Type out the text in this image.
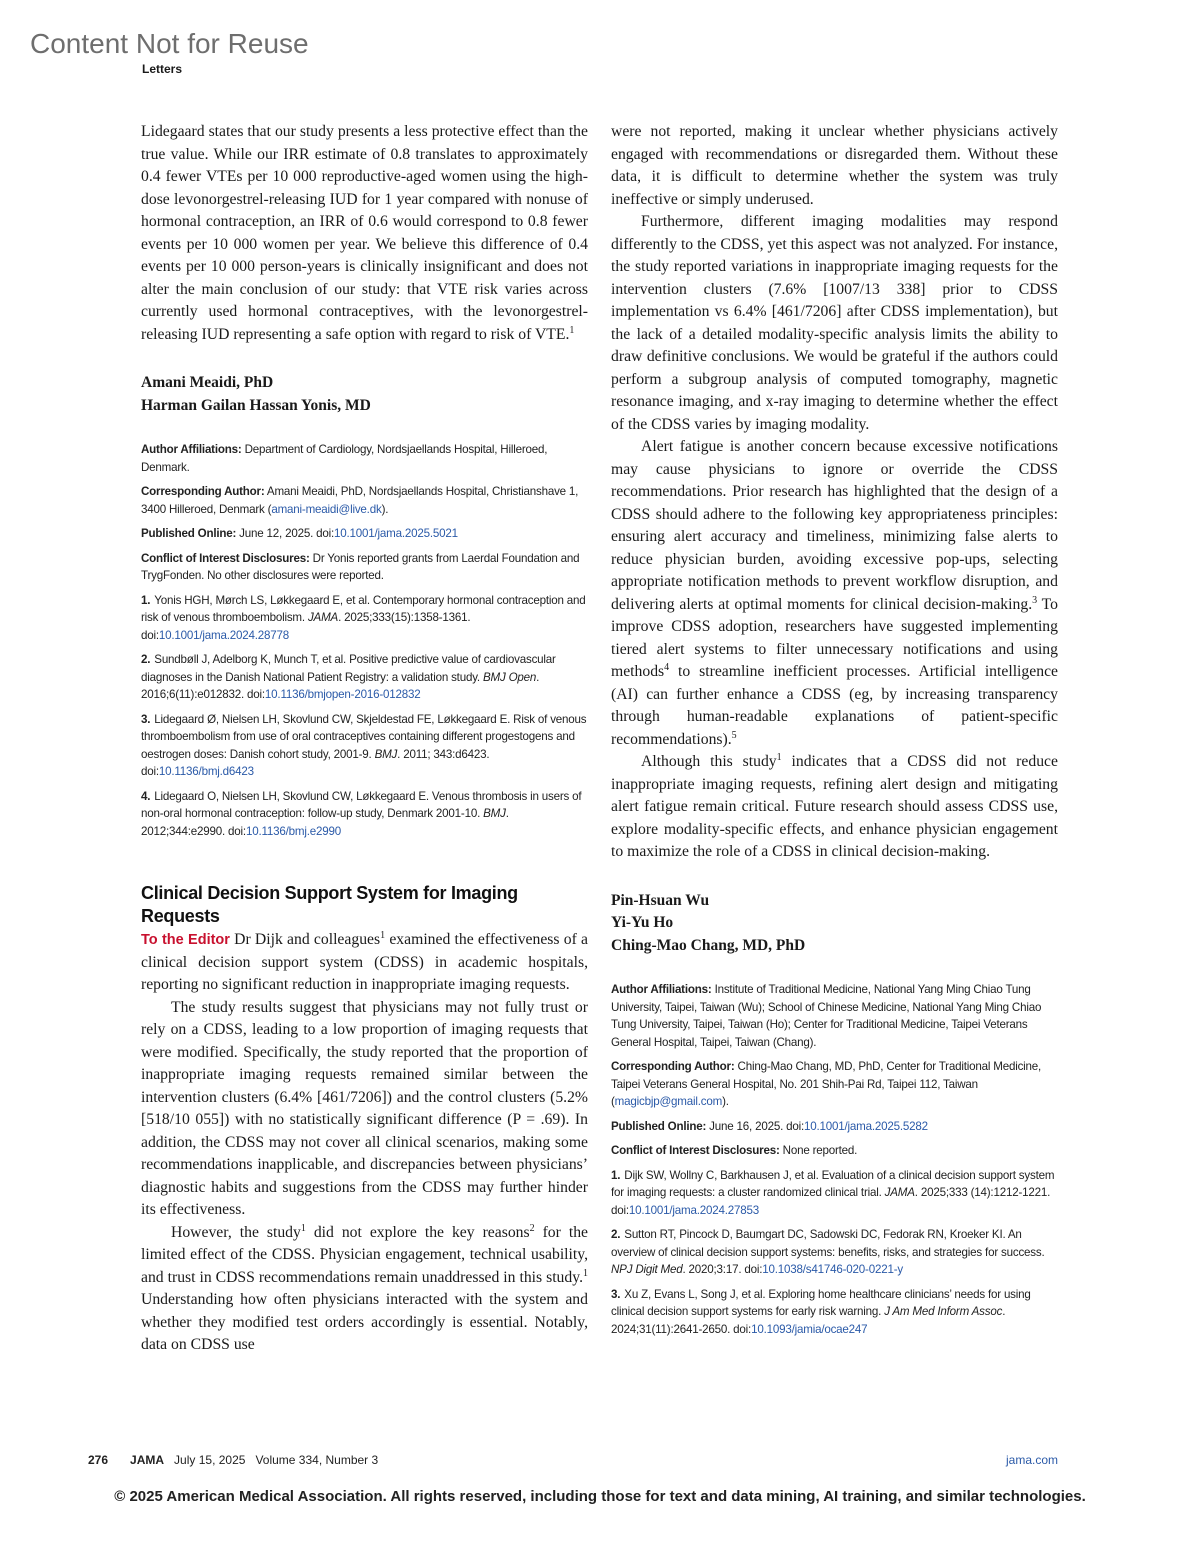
Content Not for Reuse
Letters

Lidegaard states that our study presents a less protective effect than the true value. While our IRR estimate of 0.8 translates to approximately 0.4 fewer VTEs per 10 000 reproductive-aged women using the high-dose levonorgestrel-releasing IUD for 1 year compared with nonuse of hormonal contraception, an IRR of 0.6 would correspond to 0.8 fewer events per 10 000 women per year. We believe this difference of 0.4 events per 10 000 person-years is clinically insignificant and does not alter the main conclusion of our study: that VTE risk varies across currently used hormonal contraceptives, with the levonorgestrel-releasing IUD representing a safe option with regard to risk of VTE.$^1$

Amani Meaidi, PhD

Harman Gailan Hassan Yonis, MD

Author Affiliations: Department of Cardiology, Nordsjaellands Hospital, Hilleroed, Denmark.

Corresponding Author: Amani Meaidi, PhD, Nordsjaellands Hospital, Christianshave 1, 3400 Hilleroed, Denmark (amani-meaidi@live.dk).

Published Online: June 12, 2025. doi:10.1001/jama.2025.5021

Conflict of Interest Disclosures: Dr Yonis reported grants from Laerdal Foundation and TrygFonden. No other disclosures were reported.

1. Yonis HGH, Mørch LS, Løkkegaard E, et al. Contemporary hormonal contraception and risk of venous thromboembolism. JAMA. 2025;333(15):1358-1361. doi:10.1001/jama.2024.28778

2. Sundbøll J, Adelborg K, Munch T, et al. Positive predictive value of cardiovascular diagnoses in the Danish National Patient Registry: a validation study. BMJ Open. 2016;6(11):e012832. doi:10.1136/bmjopen-2016-012832

3. Lidegaard Ø, Nielsen LH, Skovlund CW, Skjeldestad FE, Løkkegaard E. Risk of venous thromboembolism from use of oral contraceptives containing different progestogens and oestrogen doses: Danish cohort study, 2001-9. BMJ. 2011; 343:d6423. doi:10.1136/bmj.d6423

4. Lidegaard O, Nielsen LH, Skovlund CW, Løkkegaard E. Venous thrombosis in users of non-oral hormonal contraception: follow-up study, Denmark 2001-10. BMJ. 2012;344:e2990. doi:10.1136/bmj.e2990

Clinical Decision Support System for Imaging Requests

To the Editor Dr Dijk and colleagues$^1$ examined the effectiveness of a clinical decision support system (CDSS) in academic hospitals, reporting no significant reduction in inappropriate imaging requests.

The study results suggest that physicians may not fully trust or rely on a CDSS, leading to a low proportion of imaging requests that were modified. Specifically, the study reported that the proportion of inappropriate imaging requests remained similar between the intervention clusters (6.4% [461/7206]) and the control clusters (5.2% [518/10 055]) with no statistically significant difference (P = .69). In addition, the CDSS may not cover all clinical scenarios, making some recommendations inapplicable, and discrepancies between physicians’ diagnostic habits and suggestions from the CDSS may further hinder its effectiveness.

However, the study$^1$ did not explore the key reasons$^2$ for the limited effect of the CDSS. Physician engagement, technical usability, and trust in CDSS recommendations remain unaddressed in this study.$^1$ Understanding how often physicians interacted with the system and whether they modified test orders accordingly is essential. Notably, data on CDSS use

were not reported, making it unclear whether physicians actively engaged with recommendations or disregarded them. Without these data, it is difficult to determine whether the system was truly ineffective or simply underused.

Furthermore, different imaging modalities may respond differently to the CDSS, yet this aspect was not analyzed. For instance, the study reported variations in inappropriate imaging requests for the intervention clusters (7.6% [1007/13 338] prior to CDSS implementation vs 6.4% [461/7206] after CDSS implementation), but the lack of a detailed modality-specific analysis limits the ability to draw definitive conclusions. We would be grateful if the authors could perform a subgroup analysis of computed tomography, magnetic resonance imaging, and x-ray imaging to determine whether the effect of the CDSS varies by imaging modality.

Alert fatigue is another concern because excessive notifications may cause physicians to ignore or override the CDSS recommendations. Prior research has highlighted that the design of a CDSS should adhere to the following key appropriateness principles: ensuring alert accuracy and timeliness, minimizing false alerts to reduce physician burden, avoiding excessive pop-ups, selecting appropriate notification methods to prevent workflow disruption, and delivering alerts at optimal moments for clinical decision-making.$^3$ To improve CDSS adoption, researchers have suggested implementing tiered alert systems to filter unnecessary notifications and using methods$^4$ to streamline inefficient processes. Artificial intelligence (AI) can further enhance a CDSS (eg, by increasing transparency through human-readable explanations of patient-specific recommendations).$^5$

Although this study$^1$ indicates that a CDSS did not reduce inappropriate imaging requests, refining alert design and mitigating alert fatigue remain critical. Future research should assess CDSS use, explore modality-specific effects, and enhance physician engagement to maximize the role of a CDSS in clinical decision-making.

Pin-Hsuan Wu

Yi-Yu Ho

Ching-Mao Chang, MD, PhD

Author Affiliations: Institute of Traditional Medicine, National Yang Ming Chiao Tung University, Taipei, Taiwan (Wu); School of Chinese Medicine, National Yang Ming Chiao Tung University, Taipei, Taiwan (Ho); Center for Traditional Medicine, Taipei Veterans General Hospital, Taipei, Taiwan (Chang).

Corresponding Author: Ching-Mao Chang, MD, PhD, Center for Traditional Medicine, Taipei Veterans General Hospital, No. 201 Shih-Pai Rd, Taipei 112, Taiwan (magicbjp@gmail.com).

Published Online: June 16, 2025. doi:10.1001/jama.2025.5282

Conflict of Interest Disclosures: None reported.

1. Dijk SW, Wollny C, Barkhausen J, et al. Evaluation of a clinical decision support system for imaging requests: a cluster randomized clinical trial. JAMA. 2025;333 (14):1212-1221. doi:10.1001/jama.2024.27853

2. Sutton RT, Pincock D, Baumgart DC, Sadowski DC, Fedorak RN, Kroeker KI. An overview of clinical decision support systems: benefits, risks, and strategies for success. NPJ Digit Med. 2020;3:17. doi:10.1038/s41746-020-0221-y

3. Xu Z, Evans L, Song J, et al. Exploring home healthcare clinicians’ needs for using clinical decision support systems for early risk warning. J Am Med Inform Assoc. 2024;31(11):2641-2650. doi:10.1093/jamia/ocae247

276 JAMA July 15, 2025 Volume 334, Number 3	jama.com
© 2025 American Medical Association. All rights reserved, including those for text and data mining, AI training, and similar technologies.
